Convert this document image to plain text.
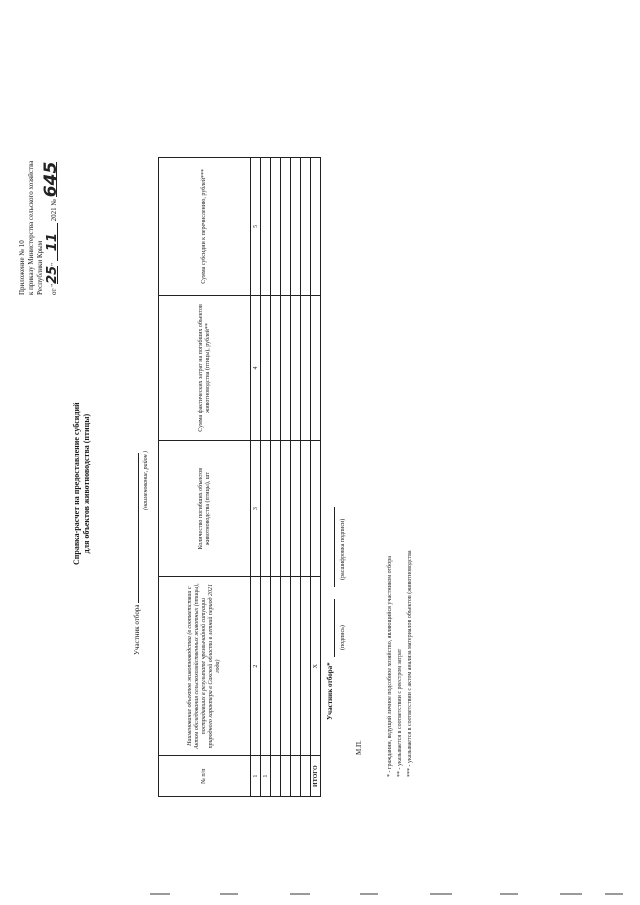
Приложение № 10 к приказу Министерства сельского хозяйства Республики Крым от "25" 11 2021 № 645
Справка-расчет на предоставление субсидий для объектов животноводства (птицы)
Участник отбора
(наименование, район )
№ п/п	Наименование объектов животноводства (в соответствии с Актом обследования сельскохозяйственных животных (птицы), пострадавших в результате чрезвычайной ситуации природного характера в Сакской области в летний период 2021 года)	Количество погибших объектов животноводства (птицы), шт	Сумма фактических затрат на погибших объектов животноводства (птицы), рублей**	Сумма субсидии к перечислению, рублей***

1	2	3	4	5
1				

ИТОГО	Х			Участник отбора*
(подпись)
(расшифровка подписи)
М.П.	* - гражданин, ведущий личное подсобное хозяйство, являющийся участником отбора ** - указывается в соответствии с реестром затрат *** - указывается в соответствии с актом анализа материалов объектов (животноводства
